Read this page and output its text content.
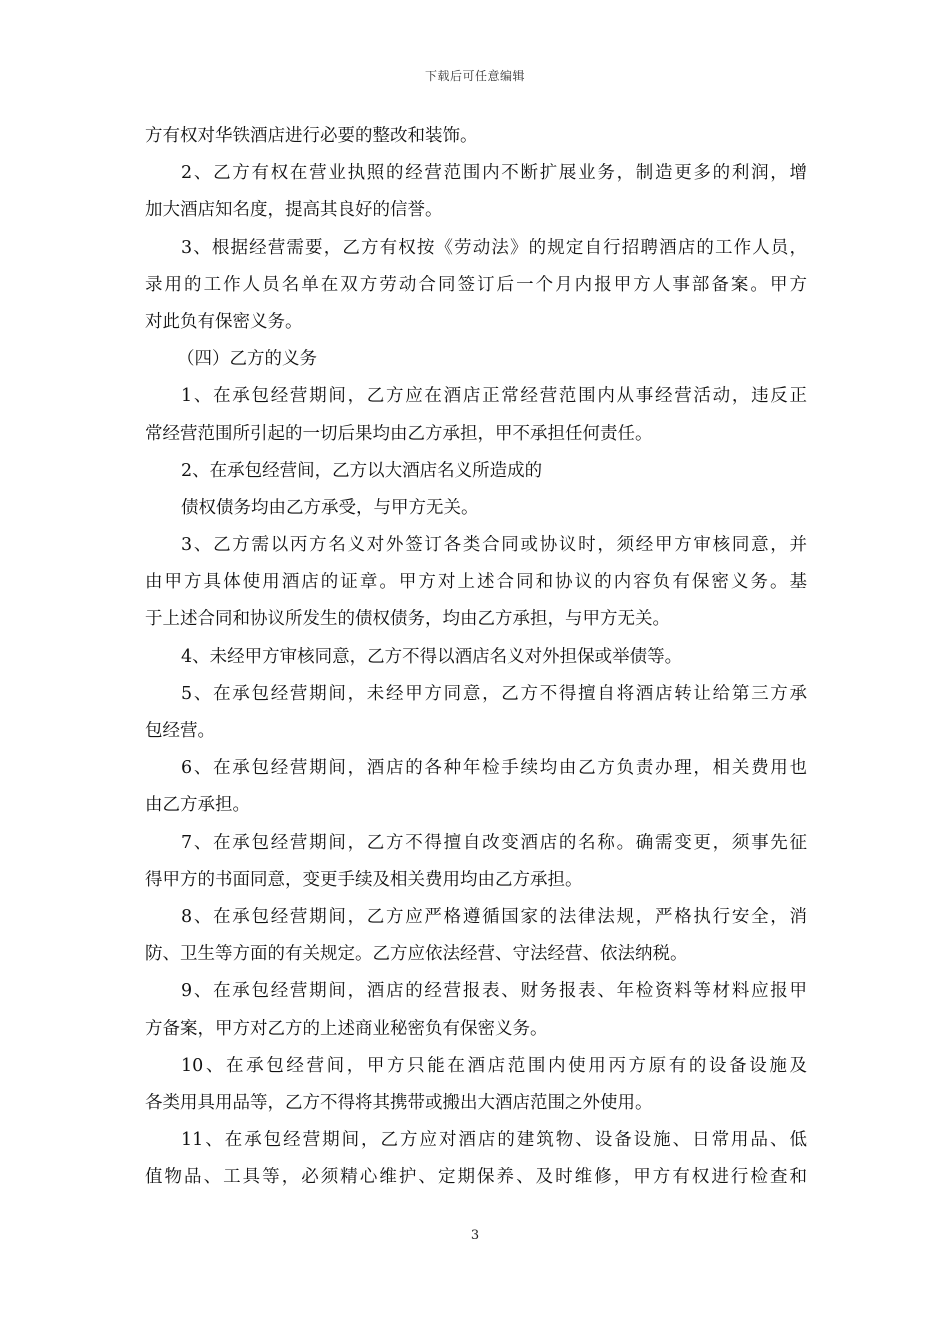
下载后可任意编辑
方有权对华铁酒店进行必要的整改和装饰。
2、乙方有权在营业执照的经营范围内不断扩展业务，制造更多的利润，增
加大酒店知名度，提高其良好的信誉。
3、根据经营需要，乙方有权按《劳动法》的规定自行招聘酒店的工作人员，
录用的工作人员名单在双方劳动合同签订后一个月内报甲方人事部备案。甲方
对此负有保密义务。
（四）乙方的义务
1、在承包经营期间，乙方应在酒店正常经营范围内从事经营活动，违反正
常经营范围所引起的一切后果均由乙方承担，甲不承担任何责任。
2、在承包经营间，乙方以大酒店名义所造成的
债权债务均由乙方承受，与甲方无关。
3、乙方需以丙方名义对外签订各类合同或协议时，须经甲方审核同意，并
由甲方具体使用酒店的证章。甲方对上述合同和协议的内容负有保密义务。基
于上述合同和协议所发生的债权债务，均由乙方承担，与甲方无关。
4、未经甲方审核同意，乙方不得以酒店名义对外担保或举债等。
5、在承包经营期间，未经甲方同意，乙方不得擅自将酒店转让给第三方承
包经营。
6、在承包经营期间，酒店的各种年检手续均由乙方负责办理，相关费用也
由乙方承担。
7、在承包经营期间，乙方不得擅自改变酒店的名称。确需变更，须事先征
得甲方的书面同意，变更手续及相关费用均由乙方承担。
8、在承包经营期间，乙方应严格遵循国家的法律法规，严格执行安全，消
防、卫生等方面的有关规定。乙方应依法经营、守法经营、依法纳税。
9、在承包经营期间，酒店的经营报表、财务报表、年检资料等材料应报甲
方备案，甲方对乙方的上述商业秘密负有保密义务。
10、在承包经营间，甲方只能在酒店范围内使用丙方原有的设备设施及
各类用具用品等，乙方不得将其携带或搬出大酒店范围之外使用。
11、在承包经营期间，乙方应对酒店的建筑物、设备设施、日常用品、低
值物品、工具等，必须精心维护、定期保养、及时维修，甲方有权进行检查和
3
